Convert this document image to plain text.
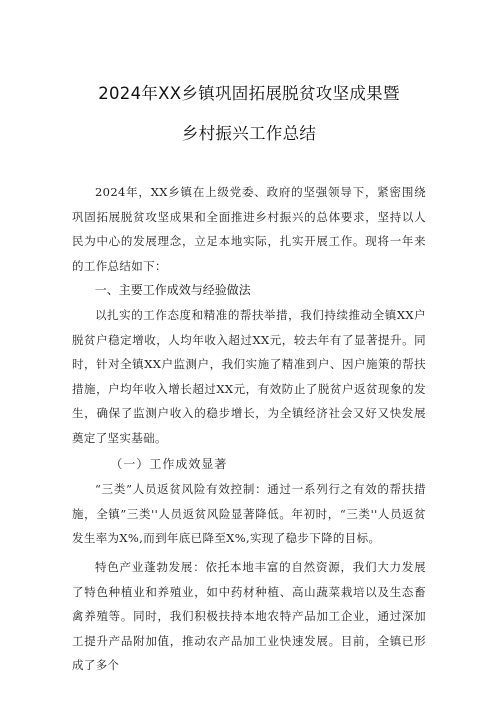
2024年XX乡镇巩固拓展脱贫攻坚成果暨
乡村振兴工作总结

2024年，XX乡镇在上级党委、政府的坚强领导下，紧密围绕巩固拓展脱贫攻坚成果和全面推进乡村振兴的总体要求，坚持以人民为中心的发展理念，立足本地实际，扎实开展工作。现将一年来的工作总结如下：

一、主要工作成效与经验做法

以扎实的工作态度和精准的帮扶举措，我们持续推动全镇XX户脱贫户稳定增收，人均年收入超过XX元，较去年有了显著提升。同时，针对全镇XX户监测户，我们实施了精准到户、因户施策的帮扶措施，户均年收入增长超过XX元，有效防止了脱贫户返贫现象的发生，确保了监测户收入的稳步增长，为全镇经济社会又好又快发展奠定了坚实基础。

（一）工作成效显著

“三类”人员返贫风险有效控制：通过一系列行之有效的帮扶措施，全镇”三类''人员返贫风险显著降低。年初时，“三类''人员返贫发生率为X%,而到年底已降至X%,实现了稳步下降的目标。

特色产业蓬勃发展：依托本地丰富的自然资源，我们大力发展了特色种植业和养殖业，如中药材种植、高山蔬菜栽培以及生态畜禽养殖等。同时，我们积极扶持本地农特产品加工企业，通过深加工提升产品附加值，推动农产品加工业快速发展。目前，全镇已形成了多个
